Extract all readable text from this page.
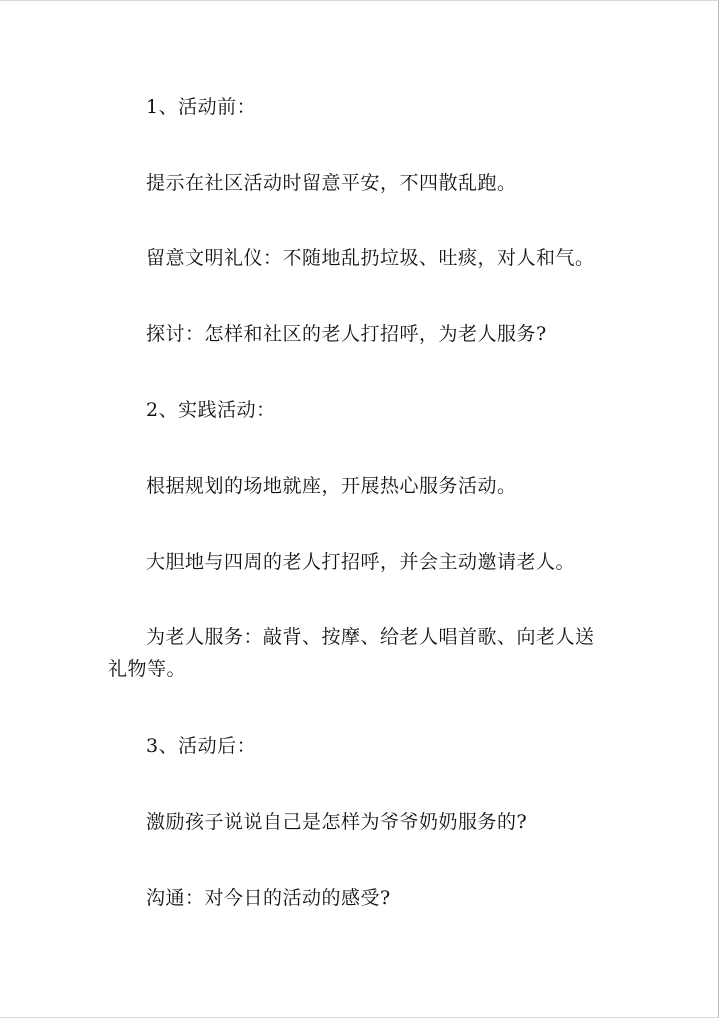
1、活动前：

提示在社区活动时留意平安，不四散乱跑。

留意文明礼仪：不随地乱扔垃圾、吐痰，对人和气。

探讨：怎样和社区的老人打招呼，为老人服务?

2、实践活动：

根据规划的场地就座，开展热心服务活动。

大胆地与四周的老人打招呼，并会主动邀请老人。

为老人服务：敲背、按摩、给老人唱首歌、向老人送礼物等。

3、活动后：

激励孩子说说自己是怎样为爷爷奶奶服务的?

沟通：对今日的活动的感受?
